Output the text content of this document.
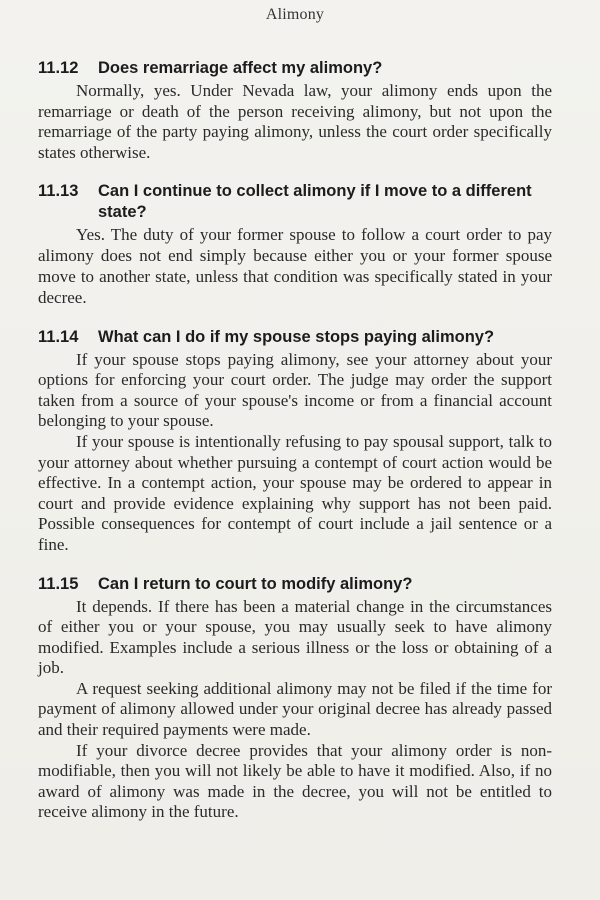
Alimony
11.12	Does remarriage affect my alimony?

Normally, yes. Under Nevada law, your alimony ends upon the remarriage or death of the person receiving alimony, but not upon the remarriage of the party paying alimony, unless the court order specifically states otherwise.

11.13	Can I continue to collect alimony if I move to a different state?

Yes. The duty of your former spouse to follow a court order to pay alimony does not end simply because either you or your former spouse move to another state, unless that condition was specifically stated in your decree.

11.14	What can I do if my spouse stops paying alimony?

If your spouse stops paying alimony, see your attorney about your options for enforcing your court order. The judge may order the support taken from a source of your spouse's income or from a financial account belonging to your spouse.

If your spouse is intentionally refusing to pay spousal support, talk to your attorney about whether pursuing a contempt of court action would be effective. In a contempt action, your spouse may be ordered to appear in court and provide evidence explaining why support has not been paid. Possible consequences for contempt of court include a jail sentence or a fine.

11.15	Can I return to court to modify alimony?

It depends. If there has been a material change in the circumstances of either you or your spouse, you may usually seek to have alimony modified. Examples include a serious illness or the loss or obtaining of a job.

A request seeking additional alimony may not be filed if the time for payment of alimony allowed under your original decree has already passed and their required payments were made.

If your divorce decree provides that your alimony order is non-modifiable, then you will not likely be able to have it modified. Also, if no award of alimony was made in the decree, you will not be entitled to receive alimony in the future.
